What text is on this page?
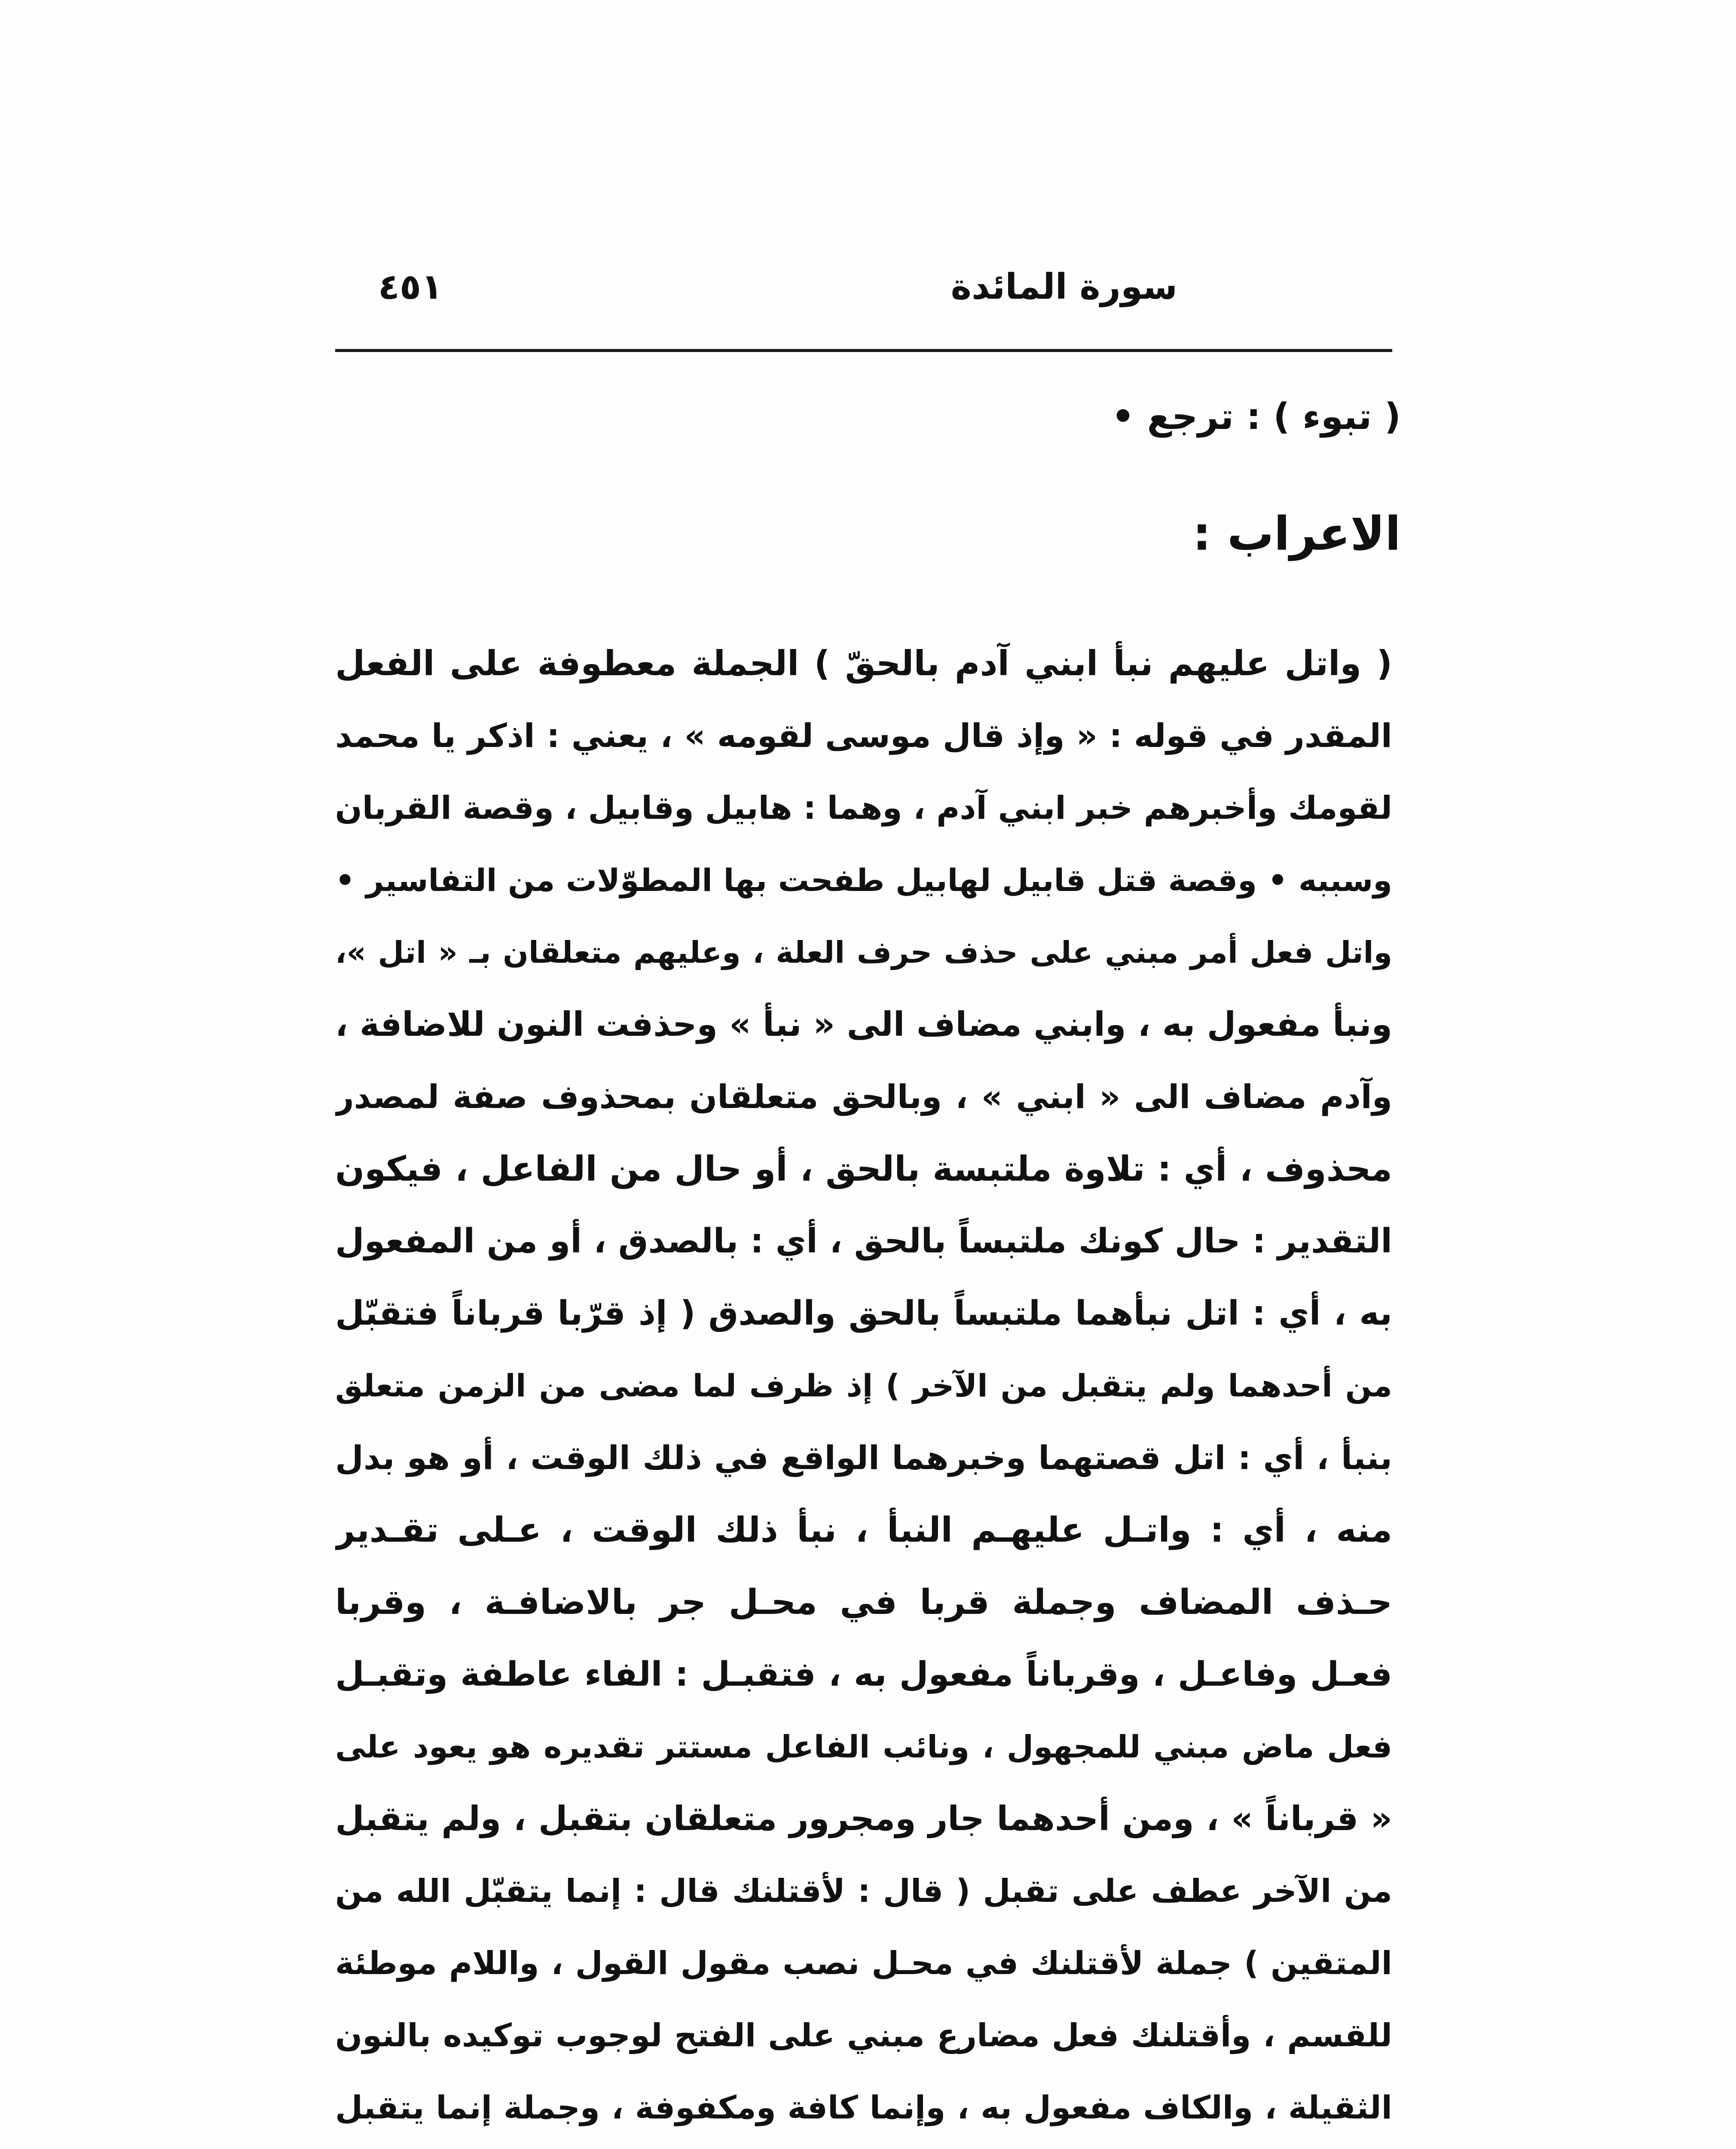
سورة المائدة
٤٥١
( تبوء ) : ترجع •
الاعراب :
( واتل عليهم نبأ ابني آدم بالحقّ ) الجملة معطوفة على الفعل
المقدر في قوله : « وإذ قال موسى لقومه » ، يعني : اذكر يا محمد
لقومك وأخبرهم خبر ابني آدم ، وهما : هابيل وقابيل ، وقصة القربان
وسببه • وقصة قتل قابيل لهابيل طفحت بها المطوّلات من التفاسير •
واتل فعل أمر مبني على حذف حرف العلة ، وعليهم متعلقان بـ « اتل »،
ونبأ مفعول به ، وابني مضاف الى « نبأ » وحذفت النون للاضافة ،
وآدم مضاف الى « ابني » ، وبالحق متعلقان بمحذوف صفة لمصدر
محذوف ، أي : تلاوة ملتبسة بالحق ، أو حال من الفاعل ، فيكون
التقدير : حال كونك ملتبساً بالحق ، أي : بالصدق ، أو من المفعول
به ، أي : اتل نبأهما ملتبساً بالحق والصدق ( إذ قرّبا قرباناً فتقبّل
من أحدهما ولم يتقبل من الآخر ) إذ ظرف لما مضى من الزمن متعلق
بنبأ ، أي : اتل قصتهما وخبرهما الواقع في ذلك الوقت ، أو هو بدل
منه ، أي : واتـل عليهـم النبأ ، نبأ ذلك الوقت ، عـلى تقـدير
حـذف المضاف وجملة قربا في محـل جر بالاضافـة ، وقربا
فعـل وفاعـل ، وقرباناً مفعول به ، فتقبـل : الفاء عاطفة وتقبـل
فعل ماض مبني للمجهول ، ونائب الفاعل مستتر تقديره هو يعود على
« قرباناً » ، ومن أحدهما جار ومجرور متعلقان بتقبل ، ولم يتقبل
من الآخر عطف على تقبل ( قال : لأقتلنك قال : إنما يتقبّل الله من
المتقين ) جملة لأقتلنك في محـل نصب مقول القول ، واللام موطئة
للقسم ، وأقتلنك فعل مضارع مبني على الفتح لوجوب توكيده بالنون
الثقيلة ، والكاف مفعول به ، وإنما كافة ومكفوفة ، وجملة إنما يتقبل
